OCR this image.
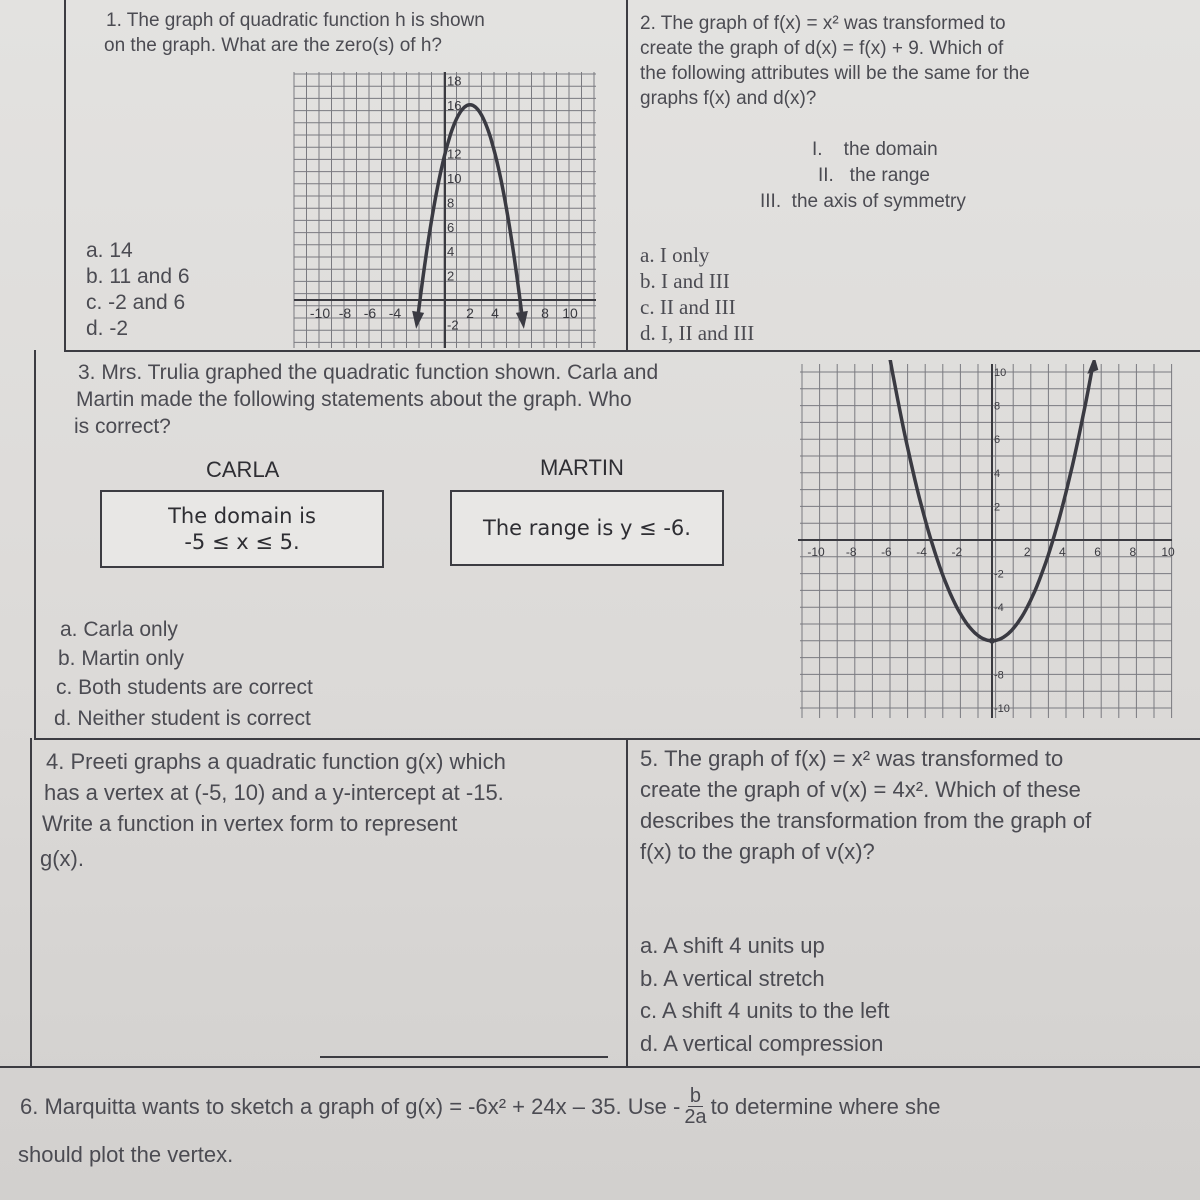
1. The graph of quadratic function h is shown
on the graph. What are the zero(s) of h?
a. 14
b. 11 and 6
c. -2 and 6
d. -2
-10 -8 -6 -4	2 4	8 10
18
16
12
10
8
6
4
2
-2
2. The graph of f(x) = x² was transformed to
create the graph of d(x) = f(x) + 9. Which of
the following attributes will be the same for the
graphs f(x) and d(x)?
I.    the domain
II.   the range
III.  the axis of symmetry
a. I only
b. I and III
c. II and III
d. I, II and III
3. Mrs. Trulia graphed the quadratic function shown. Carla and
Martin made the following statements about the graph. Who
is correct?
CARLA
The domain is
-5 ≤ x ≤ 5.
MARTIN
The range is y ≤ -6.
a. Carla only
b. Martin only
c. Both students are correct
d. Neither student is correct
-10 -8 -6 -4 -2	2 4 6 8 10
10
8
6
4
2
-2
-4
-8
-10
4. Preeti graphs a quadratic function g(x) which
has a vertex at (-5, 10) and a y-intercept at -15.
Write a function in vertex form to represent
g(x).
5. The graph of f(x) = x² was transformed to
create the graph of v(x) = 4x². Which of these
describes the transformation from the graph of
f(x) to the graph of v(x)?
a. A shift 4 units up
b. A vertical stretch
c. A shift 4 units to the left
d. A vertical compression
6. Marquitta wants to sketch a graph of g(x) = -6x² + 24x – 35. Use - $\frac{b}{2a}$ to determine where she
should plot the vertex.
